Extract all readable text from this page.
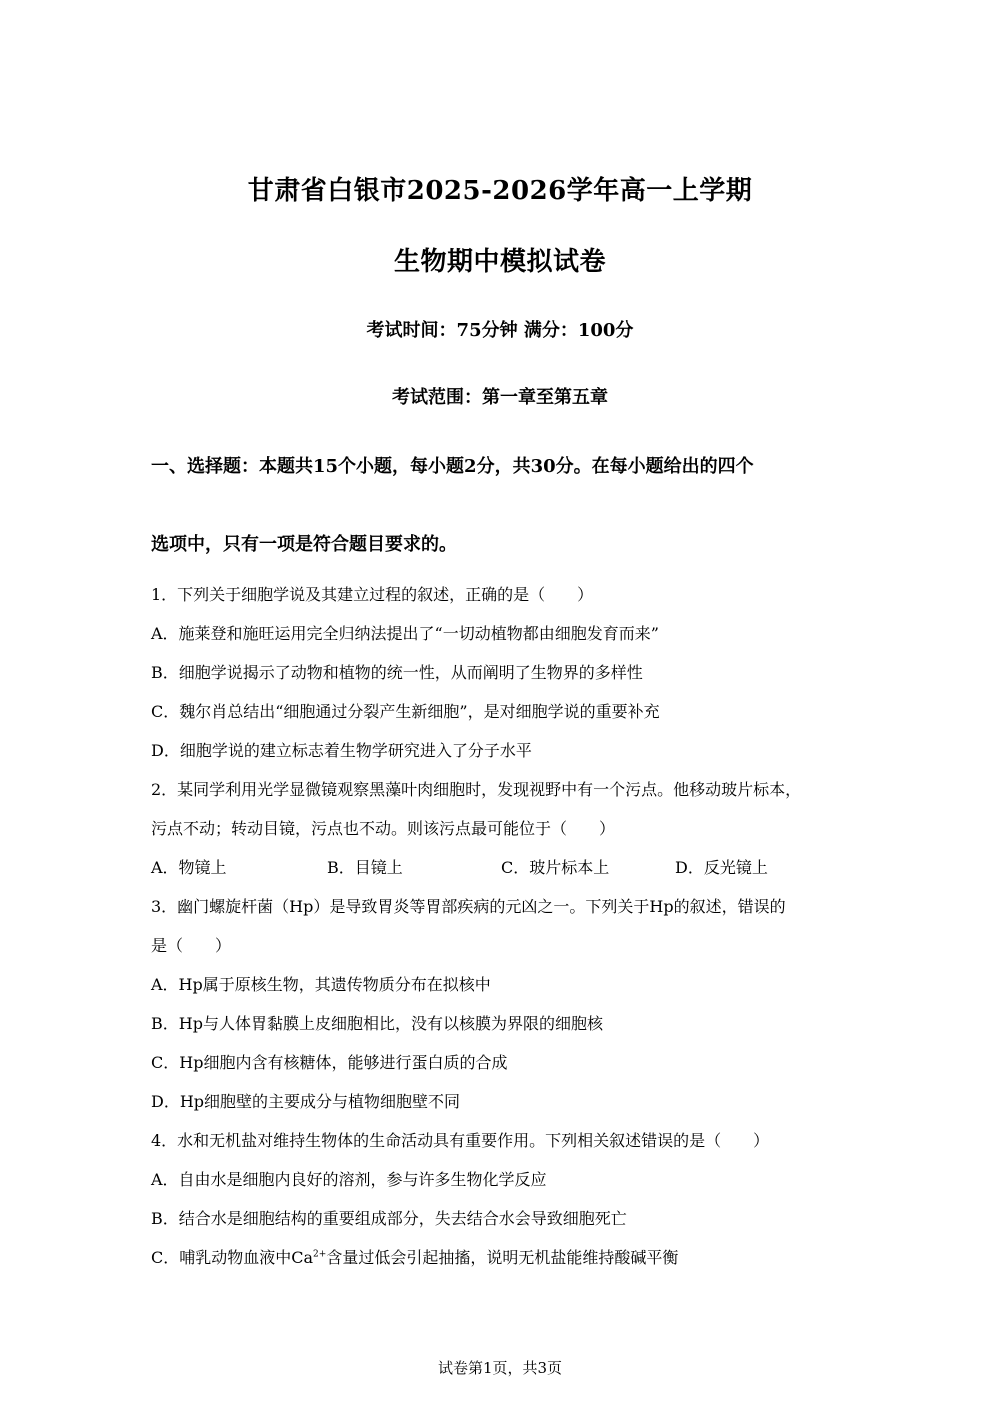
甘肃省白银市2025-2026学年高一上学期
生物期中模拟试卷
考试时间：75分钟 满分：100分
考试范围：第一章至第五章
一、选择题：本题共15个小题，每小题2分，共30分。在每小题给出的四个
选项中，只有一项是符合题目要求的。
1．下列关于细胞学说及其建立过程的叙述，正确的是（　　）
A．施莱登和施旺运用完全归纳法提出了“一切动植物都由细胞发育而来”
B．细胞学说揭示了动物和植物的统一性，从而阐明了生物界的多样性
C．魏尔肖总结出“细胞通过分裂产生新细胞”，是对细胞学说的重要补充
D．细胞学说的建立标志着生物学研究进入了分子水平
2．某同学利用光学显微镜观察黑藻叶肉细胞时，发现视野中有一个污点。他移动玻片标本，
污点不动；转动目镜，污点也不动。则该污点最可能位于（　　）
A．物镜上	B．目镜上	C．玻片标本上	D．反光镜上
3．幽门螺旋杆菌（Hp）是导致胃炎等胃部疾病的元凶之一。下列关于Hp的叙述，错误的
是（　　）
A．Hp属于原核生物，其遗传物质分布在拟核中
B．Hp与人体胃黏膜上皮细胞相比，没有以核膜为界限的细胞核
C．Hp细胞内含有核糖体，能够进行蛋白质的合成
D．Hp细胞壁的主要成分与植物细胞壁不同
4．水和无机盐对维持生物体的生命活动具有重要作用。下列相关叙述错误的是（　　）
A．自由水是细胞内良好的溶剂，参与许多生物化学反应
B．结合水是细胞结构的重要组成部分，失去结合水会导致细胞死亡
C．哺乳动物血液中$Ca^{2+}$含量过低会引起抽搐，说明无机盐能维持酸碱平衡
试卷第1页，共3页
